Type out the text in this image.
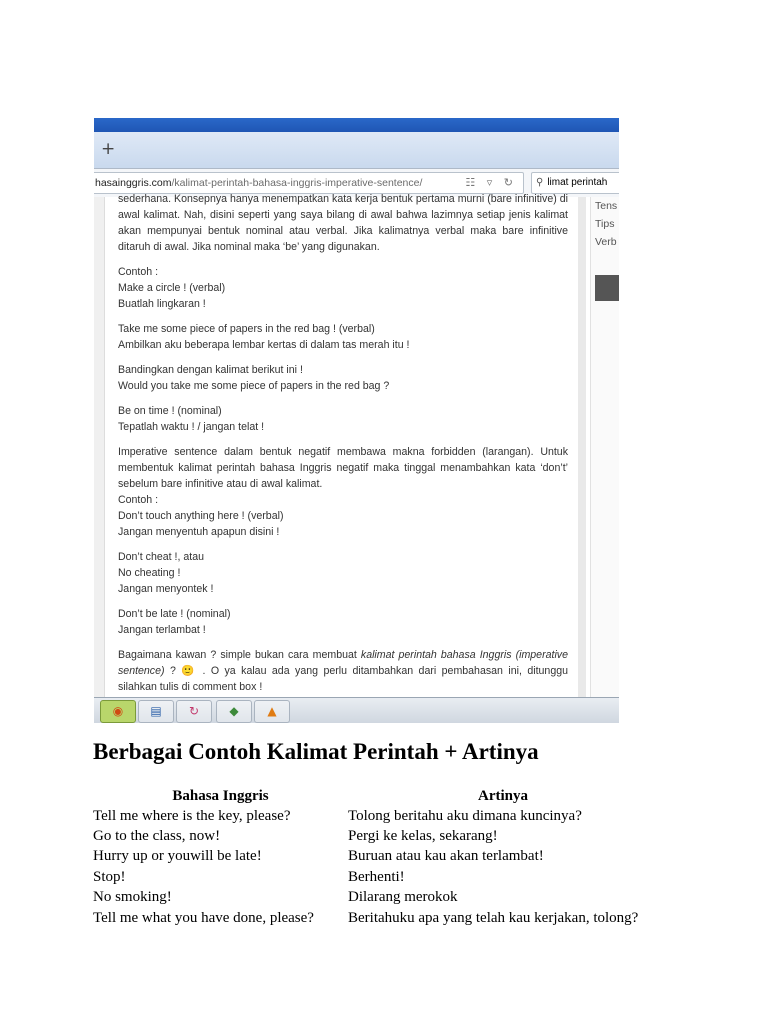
+
hasainggris.com/kalimat-perintah-bahasa-inggris-imperative-sentence/	☷ ▿ ↻	⚲ limat perintah

sederhana. Konsepnya hanya menempatkan kata kerja bentuk pertama murni (bare infinitive) di awal kalimat. Nah, disini seperti yang saya bilang di awal bahwa lazimnya setiap jenis kalimat akan mempunyai bentuk nominal atau verbal. Jika kalimatnya verbal maka bare infinitive ditaruh di awal. Jika nominal maka ‘be’ yang digunakan.

Contoh :
Make a circle ! (verbal)
Buatlah lingkaran !

Take me some piece of papers in the red bag ! (verbal)
Ambilkan aku beberapa lembar kertas di dalam tas merah itu !

Bandingkan dengan kalimat berikut ini !
Would you take me some piece of papers in the red bag ?

Be on time ! (nominal)
Tepatlah waktu ! / jangan telat !

Imperative sentence dalam bentuk negatif membawa makna forbidden (larangan). Untuk membentuk kalimat perintah bahasa Inggris negatif maka tinggal menambahkan kata ‘don’t’ sebelum bare infinitive atau di awal kalimat.
Contoh :
Don’t touch anything here ! (verbal)
Jangan menyentuh apapun disini !

Don’t cheat !, atau
No cheating !
Jangan menyontek !

Don’t be late ! (nominal)
Jangan terlambat !

Bagaimana kawan ? simple bukan cara membuat kalimat perintah bahasa Inggris (imperative sentence) ? 🙂 . O ya kalau ada yang perlu ditambahkan dari pembahasan ini, ditunggu silahkan tulis di comment box !

Tens
Tips
Verb
◉	▤	↻	◆	▲
Berbagai Contoh Kalimat Perintah + Artinya
Bahasa Inggris	Artinya
Tell me where is the key, please?	Tolong beritahu aku dimana kuncinya?
Go to the class, now!	Pergi ke kelas, sekarang!
Hurry up or youwill be late!	Buruan atau kau akan terlambat!
Stop!	Berhenti!
No smoking!	Dilarang merokok
Tell me what you have done, please?	Beritahuku apa yang telah kau kerjakan, tolong?
